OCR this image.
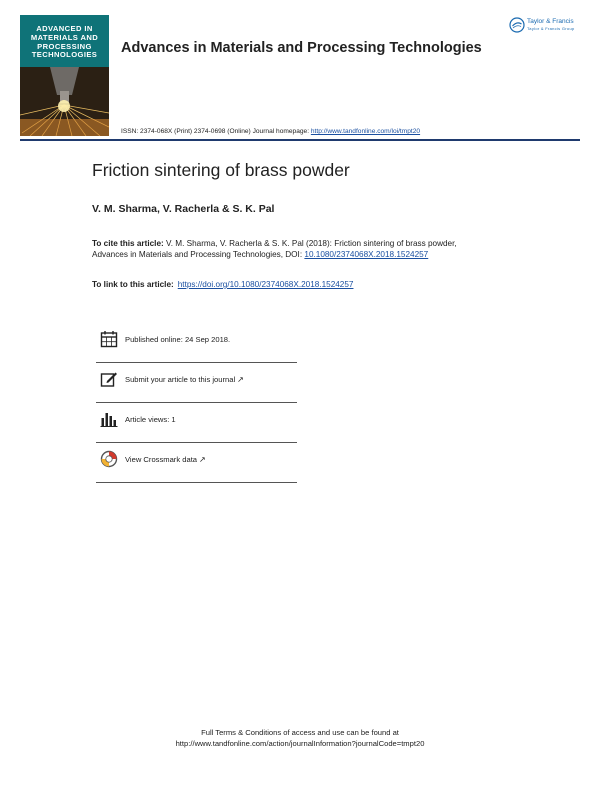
ADVANCED IN
MATERIALS AND
PROCESSING
TECHNOLOGIES	Advances in Materials and Processing Technologies
ISSN: 2374-068X (Print) 2374-0698 (Online) Journal homepage: http://www.tandfonline.com/loi/tmpt20
Taylor & Francis
Taylor & Francis Group
Friction sintering of brass powder
V. M. Sharma, V. Racherla & S. K. Pal
To cite this article: V. M. Sharma, V. Racherla & S. K. Pal (2018): Friction sintering of brass powder, Advances in Materials and Processing Technologies, DOI: 10.1080/2374068X.2018.1524257
To link to this article: https://doi.org/10.1080/2374068X.2018.1524257
Published online: 24 Sep 2018.
Submit your article to this journal ↗
Article views: 1
View Crossmark data ↗
Full Terms & Conditions of access and use can be found at
http://www.tandfonline.com/action/journalInformation?journalCode=tmpt20
